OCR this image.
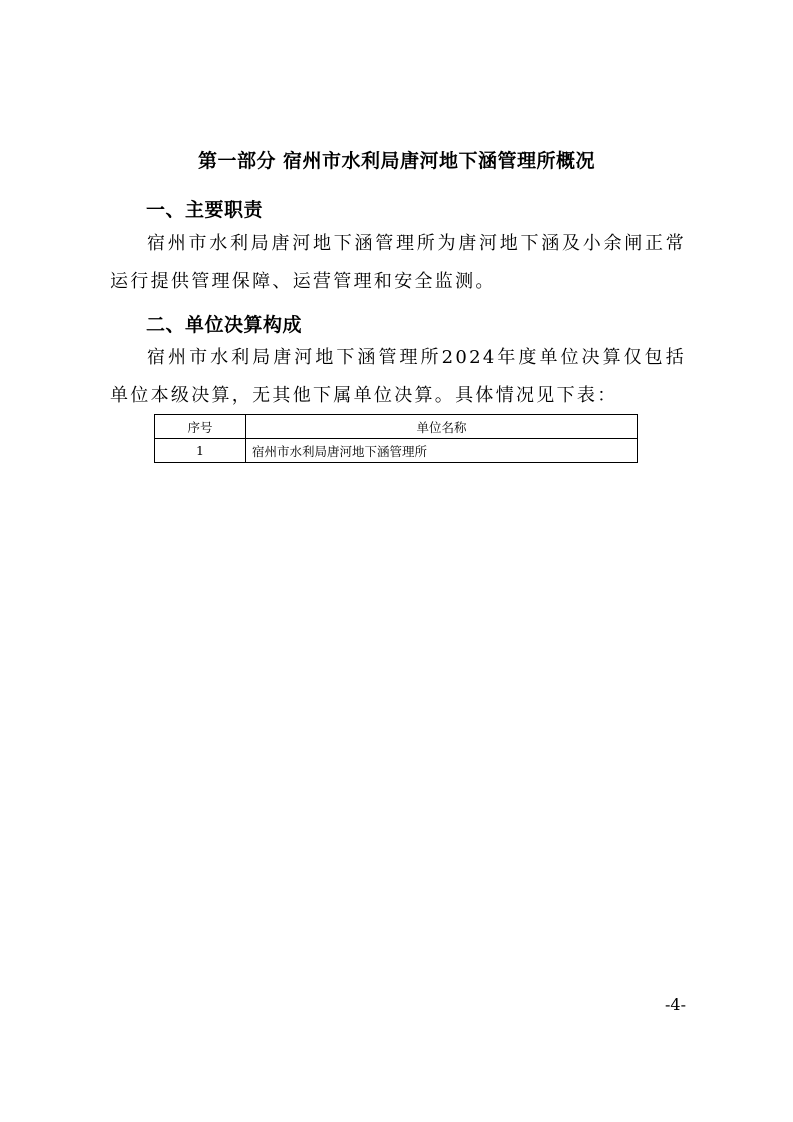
第一部分 宿州市水利局唐河地下涵管理所概况
一、主要职责
宿州市水利局唐河地下涵管理所为唐河地下涵及小余闸正常运行提供管理保障、运营管理和安全监测。
二、单位决算构成
宿州市水利局唐河地下涵管理所2024年度单位决算仅包括单位本级决算，无其他下属单位决算。具体情况见下表：
序号	单位名称
1	宿州市水利局唐河地下涵管理所
-4-
